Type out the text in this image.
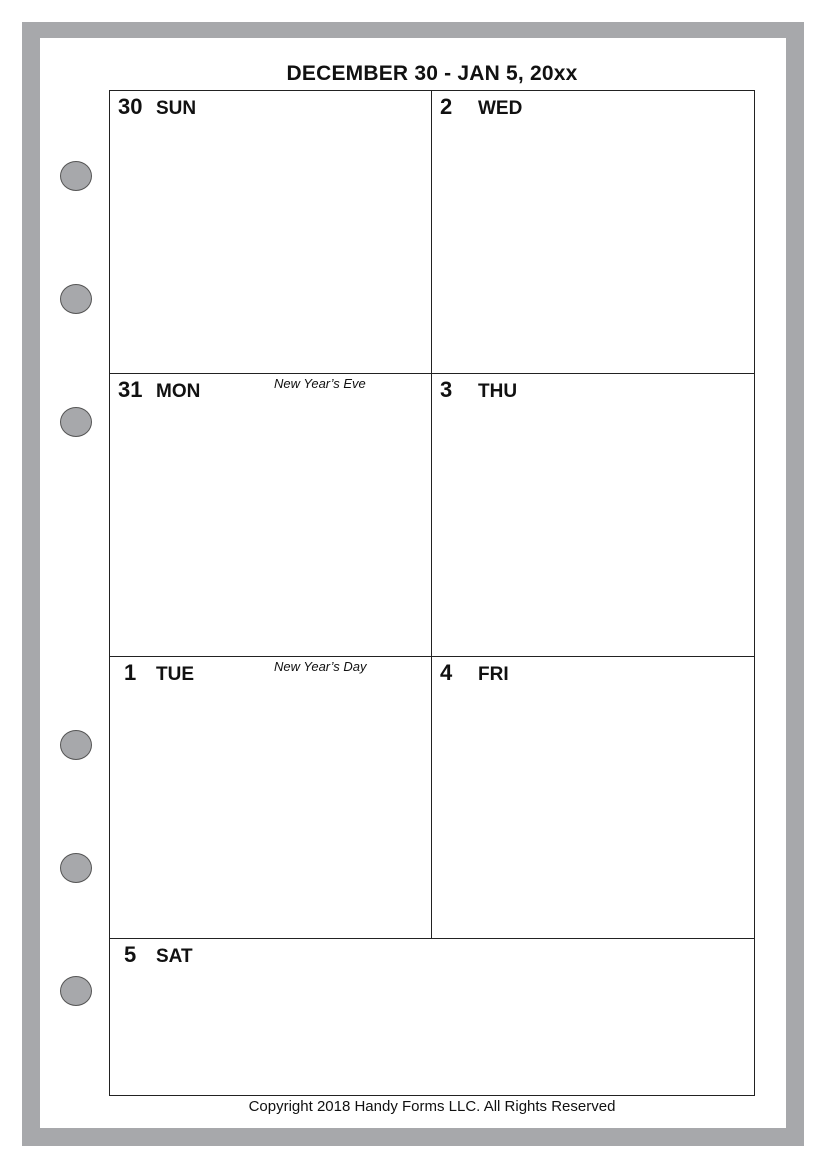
DECEMBER 30 - JAN 5, 20xx
30 SUN	2 WED
31 MON	New Year’s Eve	3 THU
1 TUE	New Year’s Day	4 FRI
5 SAT
Copyright 2018 Handy Forms LLC. All Rights Reserved
